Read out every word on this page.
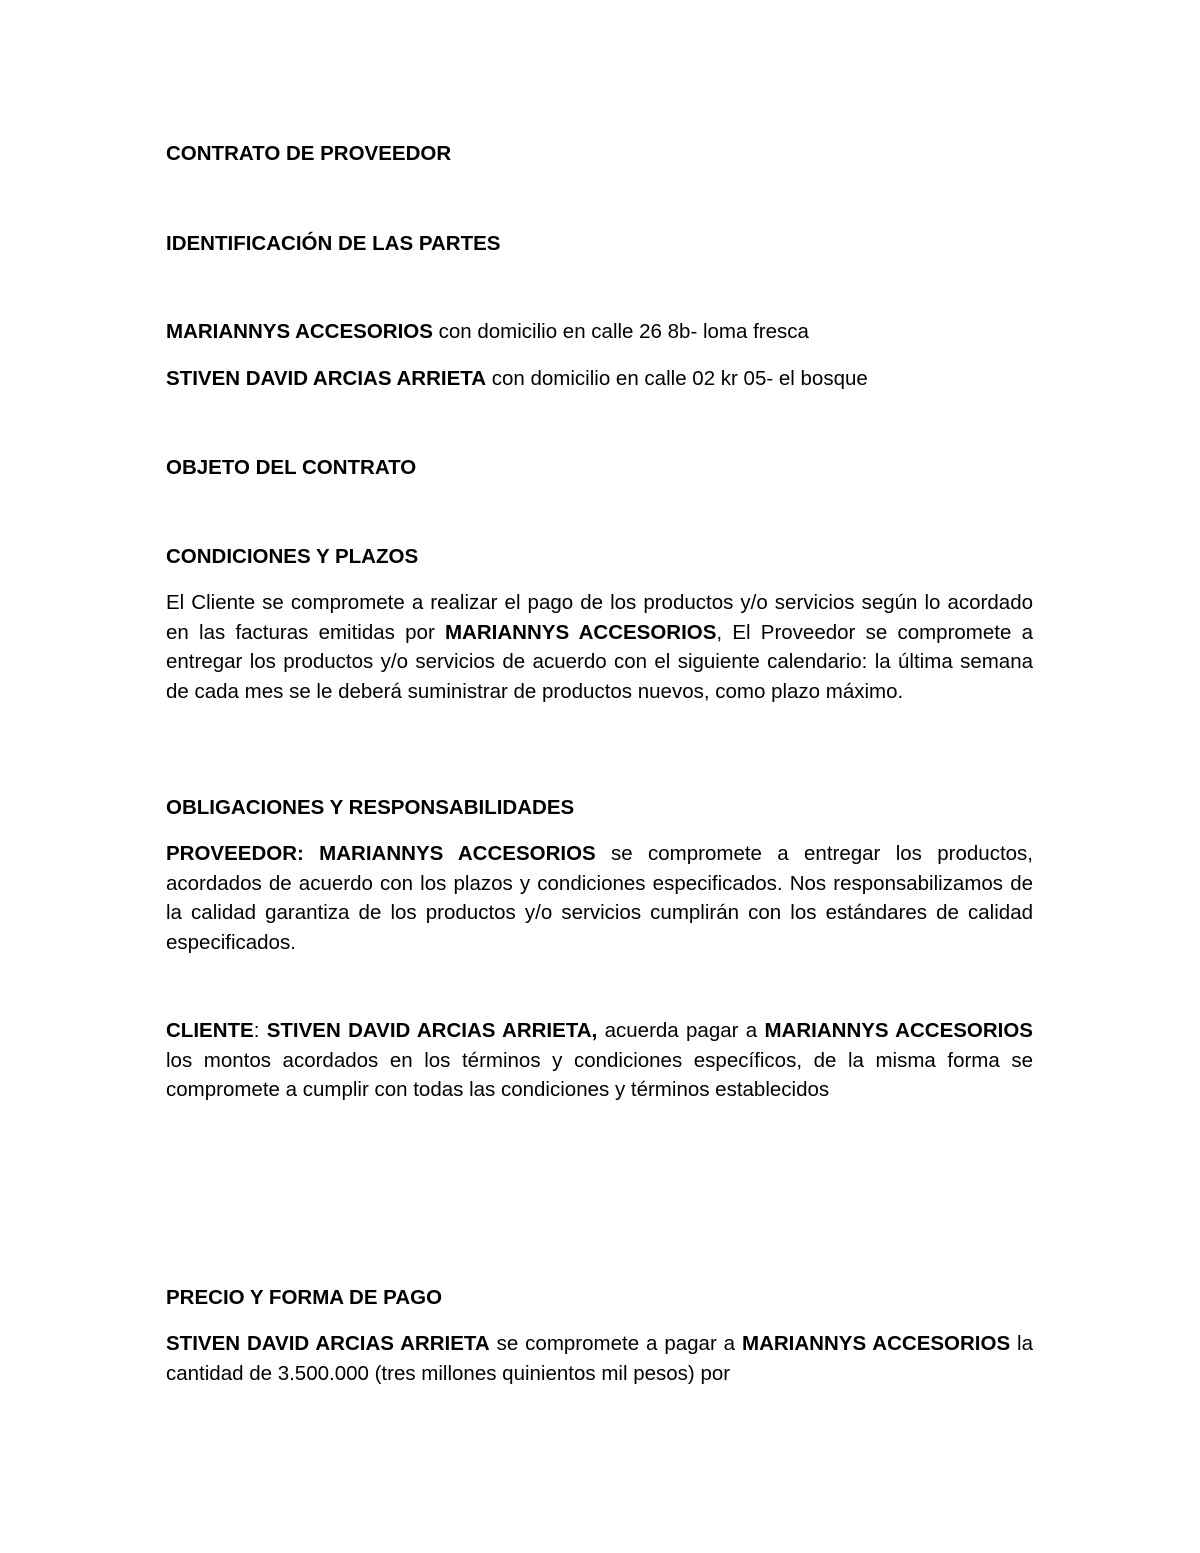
CONTRATO DE PROVEEDOR

IDENTIFICACIÓN DE LAS PARTES

MARIANNYS ACCESORIOS con domicilio en calle 26 8b- loma fresca

STIVEN DAVID ARCIAS ARRIETA con domicilio en calle 02 kr 05- el bosque

OBJETO DEL CONTRATO

CONDICIONES Y PLAZOS

El Cliente se compromete a realizar el pago de los productos y/o servicios según lo acordado en las facturas emitidas por MARIANNYS ACCESORIOS, El Proveedor se compromete a entregar los productos y/o servicios de acuerdo con el siguiente calendario: la última semana de cada mes se le deberá suministrar de productos nuevos, como plazo máximo.

OBLIGACIONES Y RESPONSABILIDADES

PROVEEDOR: MARIANNYS ACCESORIOS se compromete a entregar los productos, acordados de acuerdo con los plazos y condiciones especificados. Nos responsabilizamos de la calidad garantiza de los productos y/o servicios cumplirán con los estándares de calidad especificados.

CLIENTE: STIVEN DAVID ARCIAS ARRIETA, acuerda pagar a MARIANNYS ACCESORIOS los montos acordados en los términos y condiciones específicos, de la misma forma se compromete a cumplir con todas las condiciones y términos establecidos

PRECIO Y FORMA DE PAGO

STIVEN DAVID ARCIAS ARRIETA se compromete a pagar a MARIANNYS ACCESORIOS la cantidad de 3.500.000 (tres millones quinientos mil pesos) por
